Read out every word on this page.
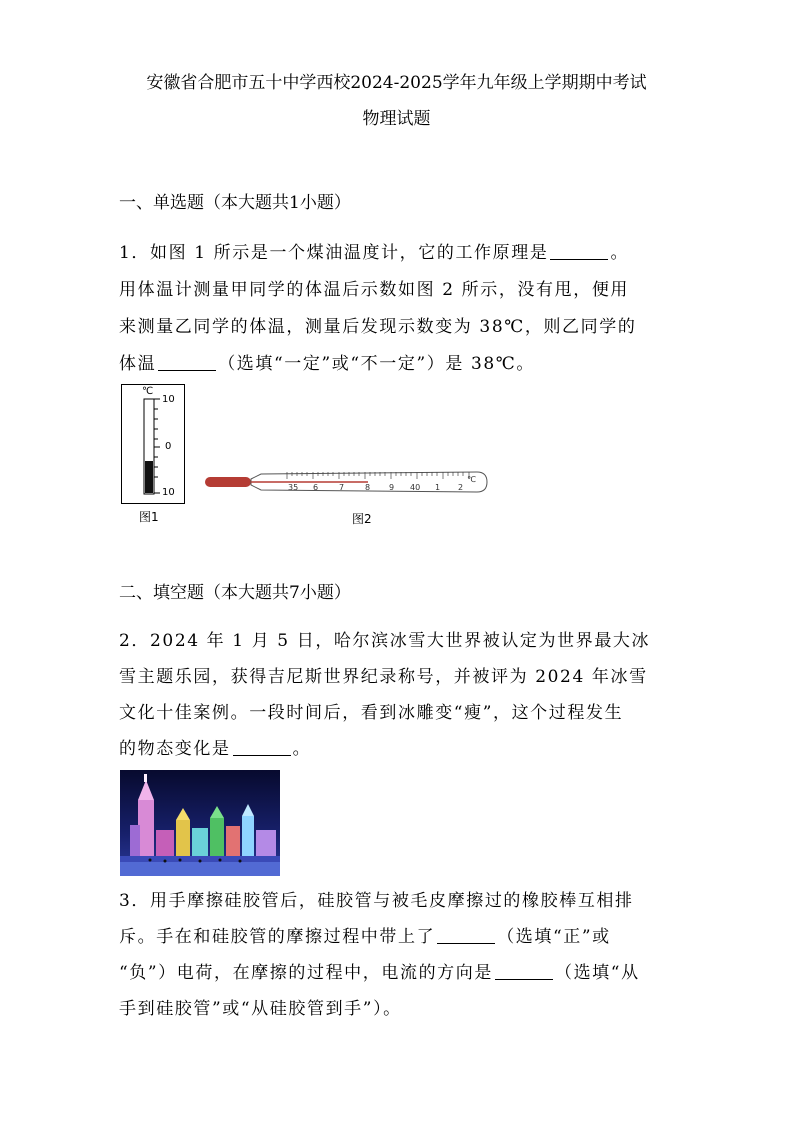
安徽省合肥市五十中学西校2024-2025学年九年级上学期期中考试
物理试题
一、单选题（本大题共1小题）
1．如图 1 所示是一个煤油温度计，它的工作原理是	。
用体温计测量甲同学的体温后示数如图 2 所示，没有甩，便用
来测量乙同学的体温，测量后发现示数变为 38℃，则乙同学的
体温	（选填“一定”或“不一定”）是 38℃。
℃
10
0
10
图1
35 6	7	8 9 40 1 2
℃
图2
二、填空题（本大题共7小题）
2．2024 年 1 月 5 日，哈尔滨冰雪大世界被认定为世界最大冰
雪主题乐园，获得吉尼斯世界纪录称号，并被评为 2024 年冰雪
文化十佳案例。一段时间后，看到冰雕变“瘦”，这个过程发生
的物态变化是	。
3．用手摩擦硅胶管后，硅胶管与被毛皮摩擦过的橡胶棒互相排
斥。手在和硅胶管的摩擦过程中带上了	（选填“正”或
“负”）电荷，在摩擦的过程中，电流的方向是	（选填“从
手到硅胶管”或“从硅胶管到手”）。
